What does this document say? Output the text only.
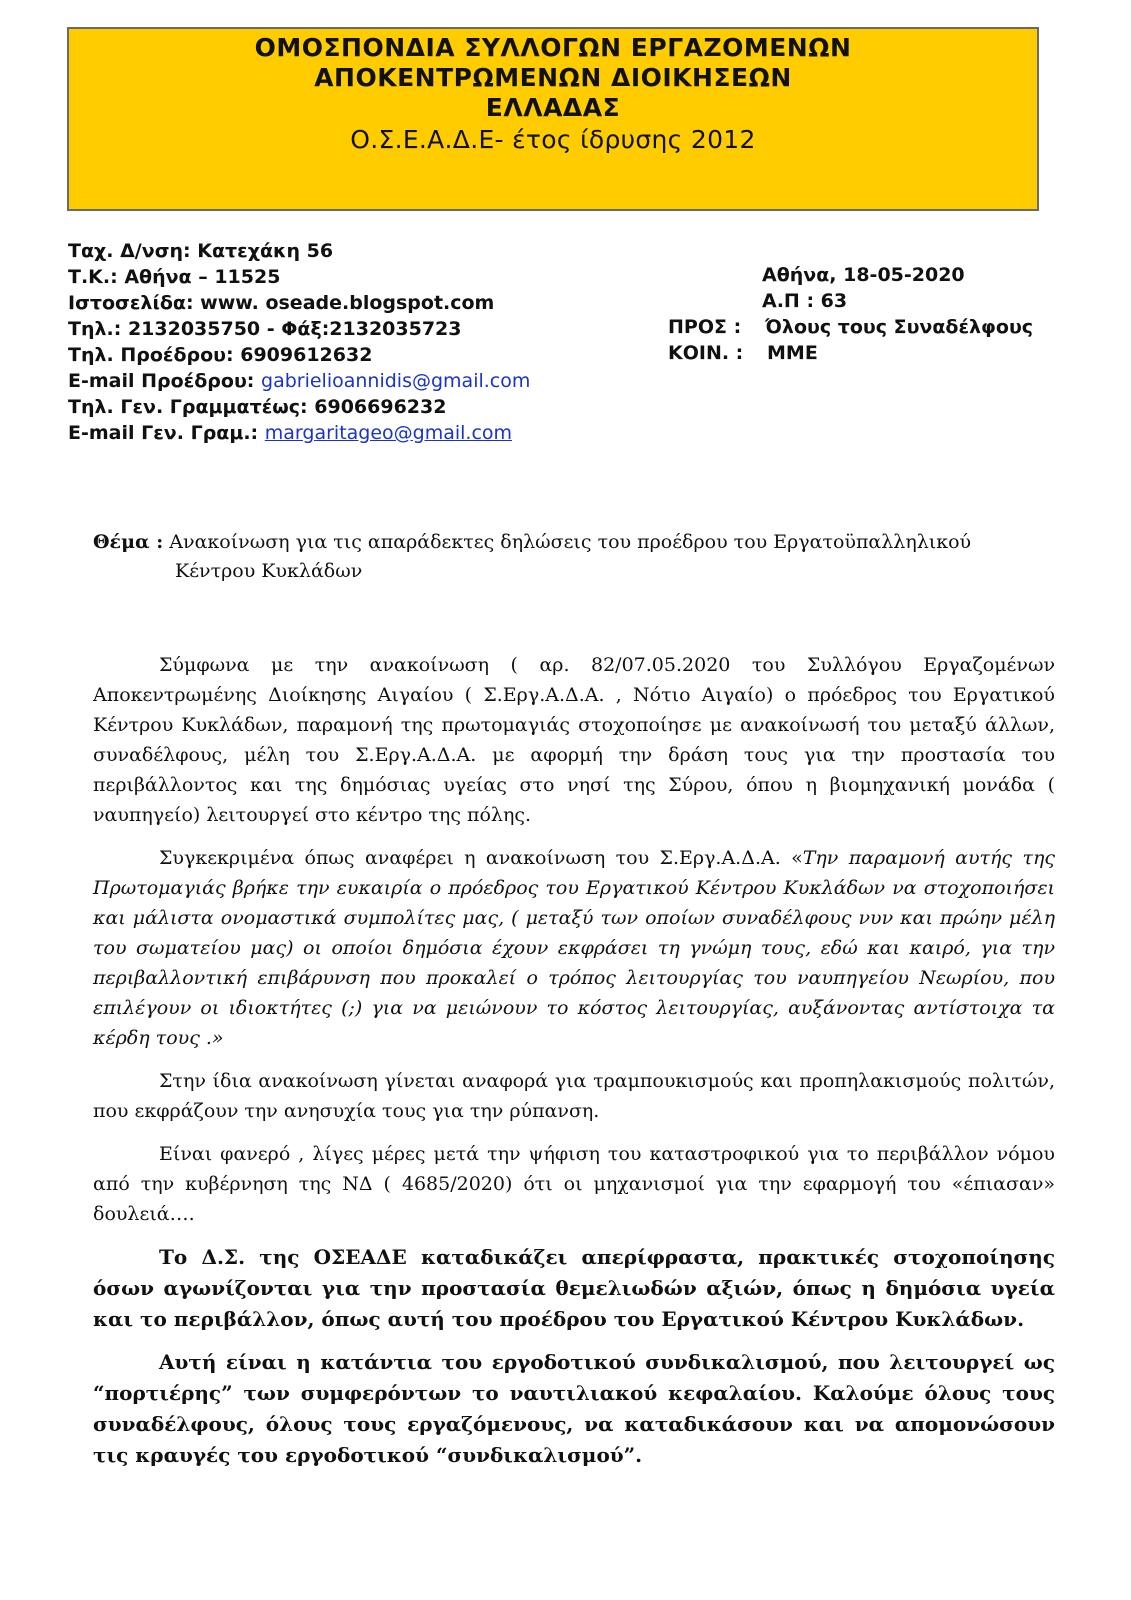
ΟΜΟΣΠΟΝΔΙΑ ΣΥΛΛΟΓΩΝ ΕΡΓΑΖΟΜΕΝΩΝ
ΑΠΟΚΕΝΤΡΩΜΕΝΩΝ ΔΙΟΙΚΗΣΕΩΝ
ΕΛΛΑΔΑΣ
Ο.Σ.Ε.Α.Δ.Ε- έτος ίδρυσης 2012
Ταχ. Δ/νση: Κατεχάκη 56
Τ.Κ.: Αθήνα – 11525
Ιστοσελίδα: www. oseade.blogspot.com
Τηλ.: 2132035750 - Φάξ:2132035723
Τηλ. Προέδρου: 6909612632
E-mail Προέδρου: gabrielioannidis@gmail.com
Τηλ. Γεν. Γραμματέως: 6906696232
E-mail Γεν. Γραμ.: margaritageo@gmail.com
Αθήνα, 18-05-2020
Α.Π : 63
ΠΡΟΣ : Όλους τους Συναδέλφους
ΚΟΙΝ. : ΜΜΕ
Θέμα : Ανακοίνωση για τις απαράδεκτες δηλώσεις του προέδρου του Εργατοϋπαλληλικού
Κέντρου Κυκλάδων

Σύμφωνα με την ανακοίνωση ( αρ. 82/07.05.2020 του Συλλόγου Εργαζομένων Αποκεντρωμένης Διοίκησης Αιγαίου ( Σ.Εργ.Α.Δ.Α. , Νότιο Αιγαίο) ο πρόεδρος του Εργατικού Κέντρου Κυκλάδων, παραμονή της πρωτομαγιάς στοχοποίησε με ανακοίνωσή του μεταξύ άλλων, συναδέλφους, μέλη του Σ.Εργ.Α.Δ.Α. με αφορμή την δράση τους για την προστασία του περιβάλλοντος και της δημόσιας υγείας στο νησί της Σύρου, όπου η βιομηχανική μονάδα ( ναυπηγείο) λειτουργεί στο κέντρο της πόλης.

Συγκεκριμένα όπως αναφέρει η ανακοίνωση του Σ.Εργ.Α.Δ.Α. «Την παραμονή αυτής της Πρωτομαγιάς βρήκε την ευκαιρία ο πρόεδρος του Εργατικού Κέντρου Κυκλάδων να στοχοποιήσει και μάλιστα ονομαστικά συμπολίτες μας, ( μεταξύ των οποίων συναδέλφους νυν και πρώην μέλη του σωματείου μας) οι οποίοι δημόσια έχουν εκφράσει τη γνώμη τους, εδώ και καιρό, για την περιβαλλοντική επιβάρυνση που προκαλεί ο τρόπος λειτουργίας του ναυπηγείου Νεωρίου, που επιλέγουν οι ιδιοκτήτες (;) για να μειώνουν το κόστος λειτουργίας, αυξάνοντας αντίστοιχα τα κέρδη τους .»

Στην ίδια ανακοίνωση γίνεται αναφορά για τραμπουκισμούς και προπηλακισμούς πολιτών, που εκφράζουν την ανησυχία τους για την ρύπανση.

Είναι φανερό , λίγες μέρες μετά την ψήφιση του καταστροφικού για το περιβάλλον νόμου από την κυβέρνηση της ΝΔ ( 4685/2020) ότι οι μηχανισμοί για την εφαρμογή του «έπιασαν» δουλειά….

Το Δ.Σ. της ΟΣΕΑΔΕ καταδικάζει απερίφραστα, πρακτικές στοχοποίησης όσων αγωνίζονται για την προστασία θεμελιωδών αξιών, όπως η δημόσια υγεία και το περιβάλλον, όπως αυτή του προέδρου του Εργατικού Κέντρου Κυκλάδων.

Αυτή είναι η κατάντια του εργοδοτικού συνδικαλισμού, που λειτουργεί ως “πορτιέρης” των συμφερόντων το ναυτιλιακού κεφαλαίου. Καλούμε όλους τους συναδέλφους, όλους τους εργαζόμενους, να καταδικάσουν και να απομονώσουν τις κραυγές του εργοδοτικού “συνδικαλισμού”.
